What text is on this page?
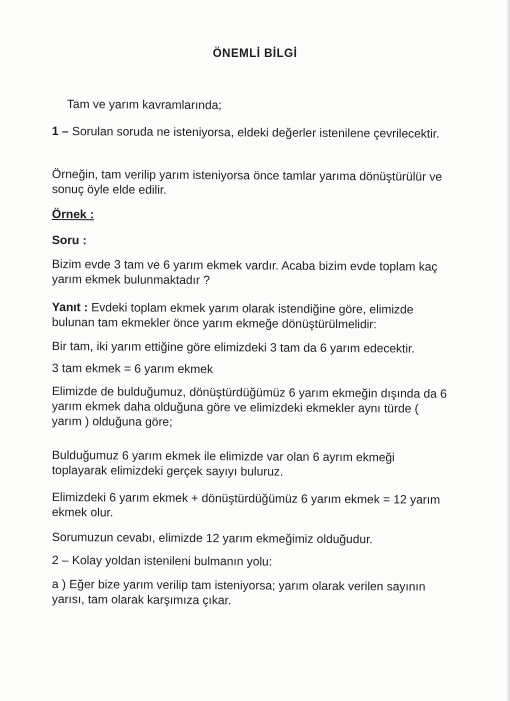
ÖNEMLİ BİLGİ
Tam ve yarım kavramlarında;
1 – Sorulan soruda ne isteniyorsa, eldeki değerler istenilene çevrilecektir.
Örneğin, tam verilip yarım isteniyorsa önce tamlar yarıma dönüştürülür ve sonuç öyle elde edilir.
Örnek :
Soru :
Bizim evde 3 tam ve 6 yarım ekmek vardır. Acaba bizim evde toplam kaç yarım ekmek bulunmaktadır ?
Yanıt : Evdeki toplam ekmek yarım olarak istendiğine göre, elimizde bulunan tam ekmekler önce yarım ekmeğe dönüştürülmelidir:
Bir tam, iki yarım ettiğine göre elimizdeki 3 tam da 6 yarım edecektir.
3 tam ekmek = 6 yarım ekmek
Elimizde de bulduğumuz, dönüştürdüğümüz 6 yarım ekmeğin dışında da 6 yarım ekmek daha olduğuna göre ve elimizdeki ekmekler aynı türde ( yarım ) olduğuna göre;
Bulduğumuz 6 yarım ekmek ile elimizde var olan 6 ayrım ekmeği toplayarak elimizdeki gerçek sayıyı buluruz.
Elimizdeki 6 yarım ekmek + dönüştürdüğümüz 6 yarım ekmek = 12 yarım ekmek olur.
Sorumuzun cevabı, elimizde 12 yarım ekmeğimiz olduğudur.
2 – Kolay yoldan istenileni bulmanın yolu:
a ) Eğer bize yarım verilip tam isteniyorsa; yarım olarak verilen sayının yarısı, tam olarak karşımıza çıkar.
